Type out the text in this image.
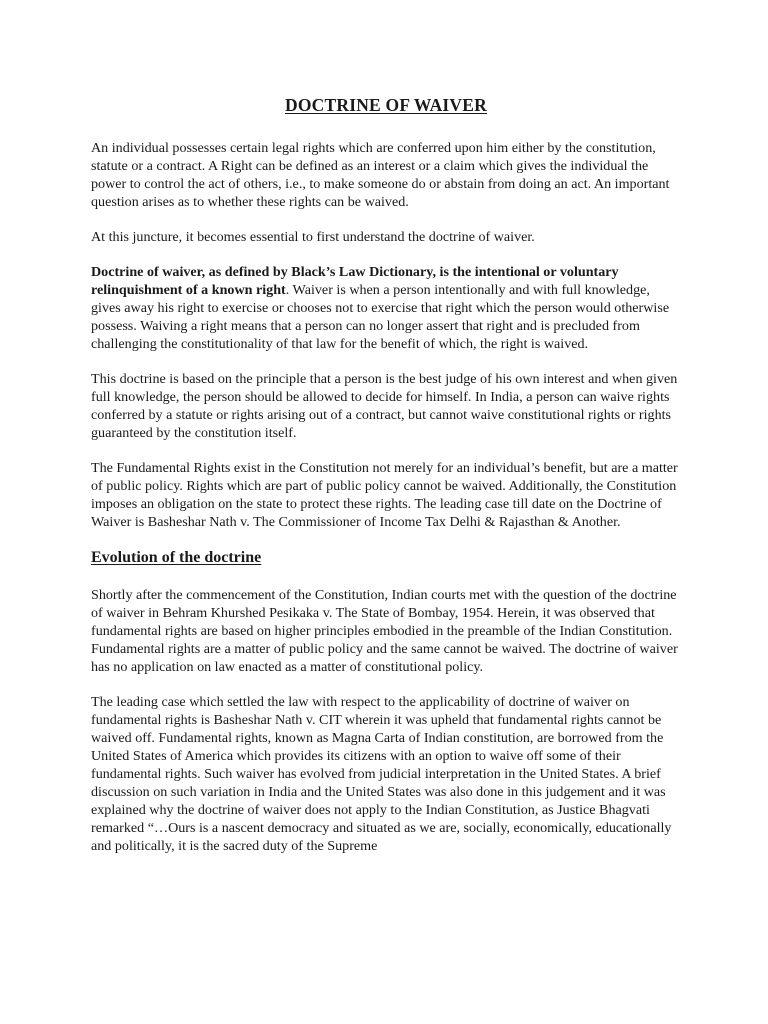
DOCTRINE OF WAIVER

An individual possesses certain legal rights which are conferred upon him either by the constitution, statute or a contract. A Right can be defined as an interest or a claim which gives the individual the power to control the act of others, i.e., to make someone do or abstain from doing an act. An important question arises as to whether these rights can be waived.

At this juncture, it becomes essential to first understand the doctrine of waiver.

Doctrine of waiver, as defined by Black’s Law Dictionary, is the intentional or voluntary relinquishment of a known right. Waiver is when a person intentionally and with full knowledge, gives away his right to exercise or chooses not to exercise that right which the person would otherwise possess. Waiving a right means that a person can no longer assert that right and is precluded from challenging the constitutionality of that law for the benefit of which, the right is waived.

This doctrine is based on the principle that a person is the best judge of his own interest and when given full knowledge, the person should be allowed to decide for himself. In India, a person can waive rights conferred by a statute or rights arising out of a contract, but cannot waive constitutional rights or rights guaranteed by the constitution itself.

The Fundamental Rights exist in the Constitution not merely for an individual’s benefit, but are a matter of public policy. Rights which are part of public policy cannot be waived. Additionally, the Constitution imposes an obligation on the state to protect these rights. The leading case till date on the Doctrine of Waiver is Basheshar Nath v. The Commissioner of Income Tax Delhi & Rajasthan & Another.

Evolution of the doctrine

Shortly after the commencement of the Constitution, Indian courts met with the question of the doctrine of waiver in Behram Khurshed Pesikaka v. The State of Bombay, 1954. Herein, it was observed that fundamental rights are based on higher principles embodied in the preamble of the Indian Constitution. Fundamental rights are a matter of public policy and the same cannot be waived. The doctrine of waiver has no application on law enacted as a matter of constitutional policy.

The leading case which settled the law with respect to the applicability of doctrine of waiver on fundamental rights is Basheshar Nath v. CIT wherein it was upheld that fundamental rights cannot be waived off. Fundamental rights, known as Magna Carta of Indian constitution, are borrowed from the United States of America which provides its citizens with an option to waive off some of their fundamental rights. Such waiver has evolved from judicial interpretation in the United States. A brief discussion on such variation in India and the United States was also done in this judgement and it was explained why the doctrine of waiver does not apply to the Indian Constitution, as Justice Bhagvati remarked “…Ours is a nascent democracy and situated as we are, socially, economically, educationally and politically, it is the sacred duty of the Supreme
